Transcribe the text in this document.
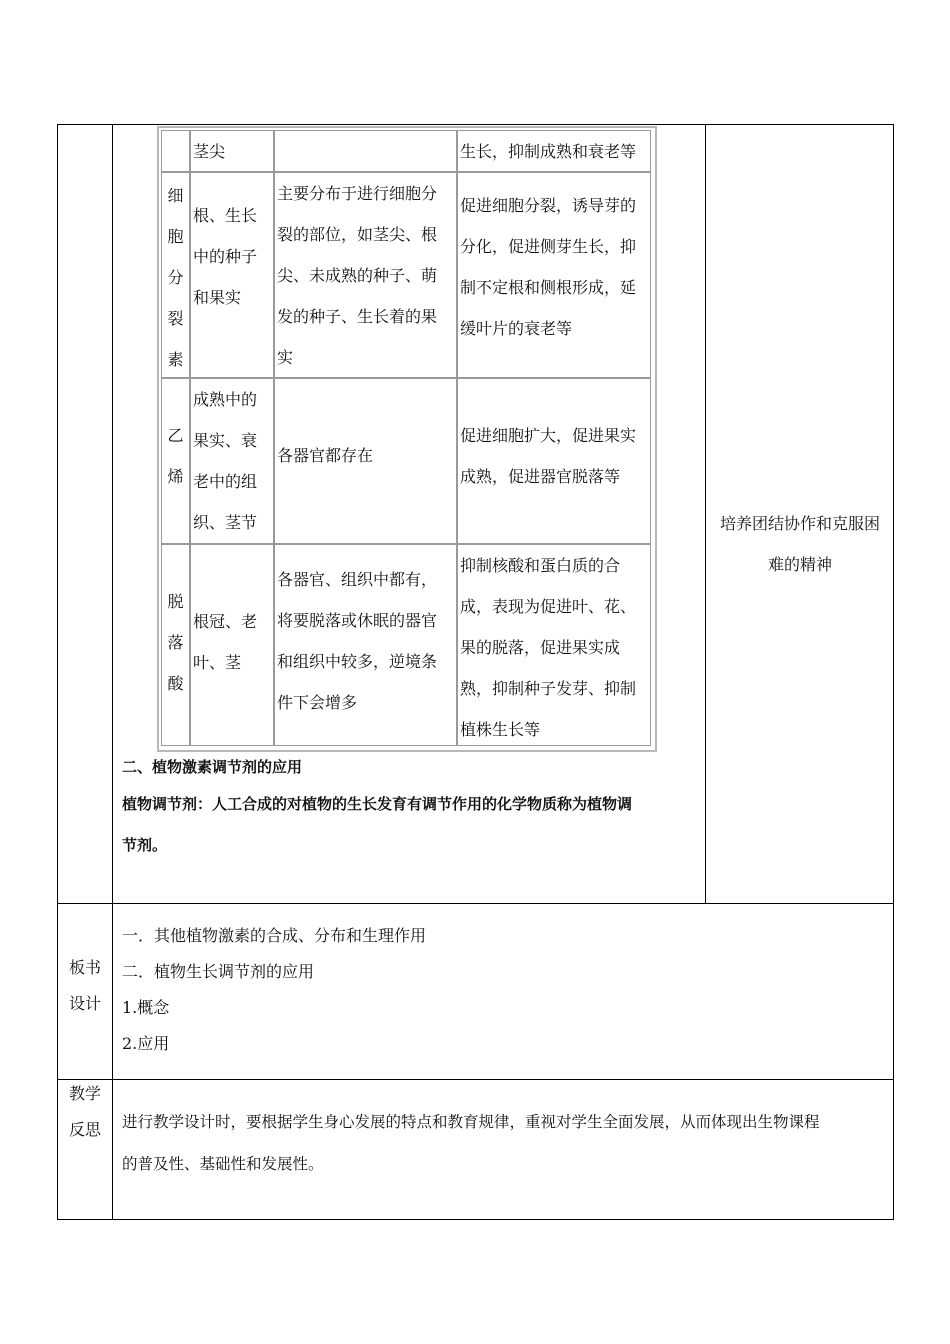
茎尖	生长，抑制成熟和衰老等
细胞分裂素
根、生长中的种子和果实
主要分布于进行细胞分裂的部位，如茎尖、根尖、未成熟的种子、萌发的种子、生长着的果实
促进细胞分裂，诱导芽的分化，促进侧芽生长，抑制不定根和侧根形成，延缓叶片的衰老等
乙烯
成熟中的果实、衰老中的组织、茎节
各器官都存在
促进细胞扩大，促进果实成熟，促进器官脱落等
脱落酸
根冠、老叶、茎
各器官、组织中都有，将要脱落或休眠的器官和组织中较多，逆境条件下会增多
抑制核酸和蛋白质的合成，表现为促进叶、花、果的脱落，促进果实成熟，抑制种子发芽、抑制植株生长等
二、植物激素调节剂的应用
植物调节剂：人工合成的对植物的生长发育有调节作用的化学物质称为植物调
节剂。
培养团结协作和克服困
难的精神
板书
设计
一．其他植物激素的合成、分布和生理作用
二．植物生长调节剂的应用
1.概念
2.应用
教学
反思	进行教学设计时，要根据学生身心发展的特点和教育规律，重视对学生全面发展，从而体现出生物课程
的普及性、基础性和发展性。
